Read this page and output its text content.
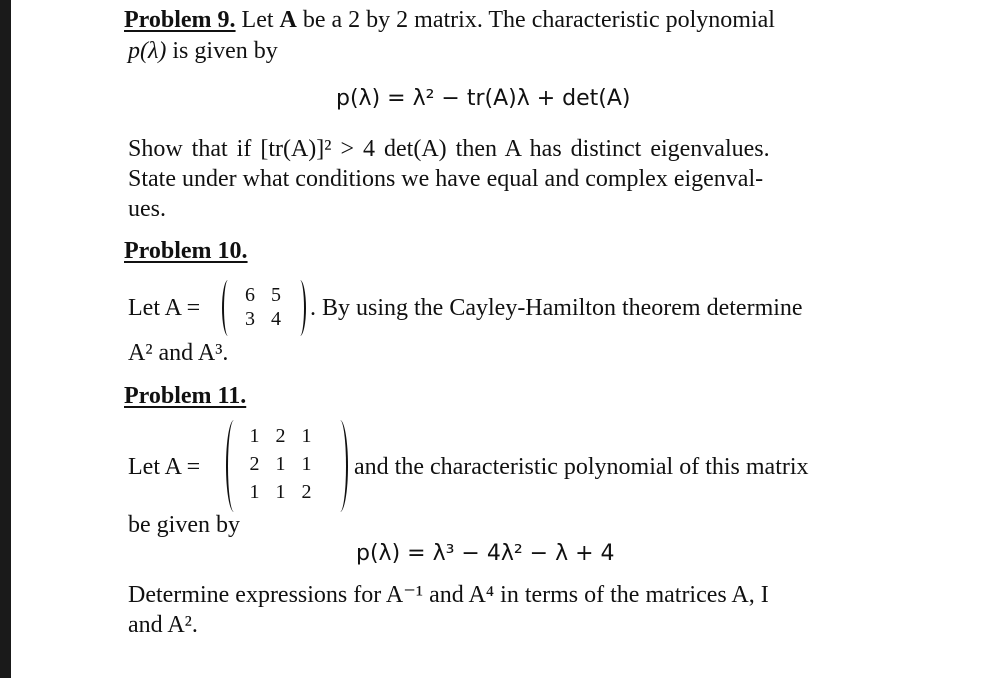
Problem 9. Let A be a 2 by 2 matrix. The characteristic polynomial
p(λ) is given by
p(λ) = λ² − tr(A)λ + det(A)
Show that if [tr(A)]² > 4 det(A) then A has distinct eigenvalues.
State under what conditions we have equal and complex eigenval-
ues.
Problem 10.
Let A = 6 5
3 4 . By using the Cayley-Hamilton theorem determine
A² and A³.
Problem 11.
Let A =
1 2 1
2 1 1
1 1 2
and the characteristic polynomial of this matrix
be given by
p(λ) = λ³ − 4λ² − λ + 4
Determine expressions for A⁻¹ and A⁴ in terms of the matrices A, I
and A².
